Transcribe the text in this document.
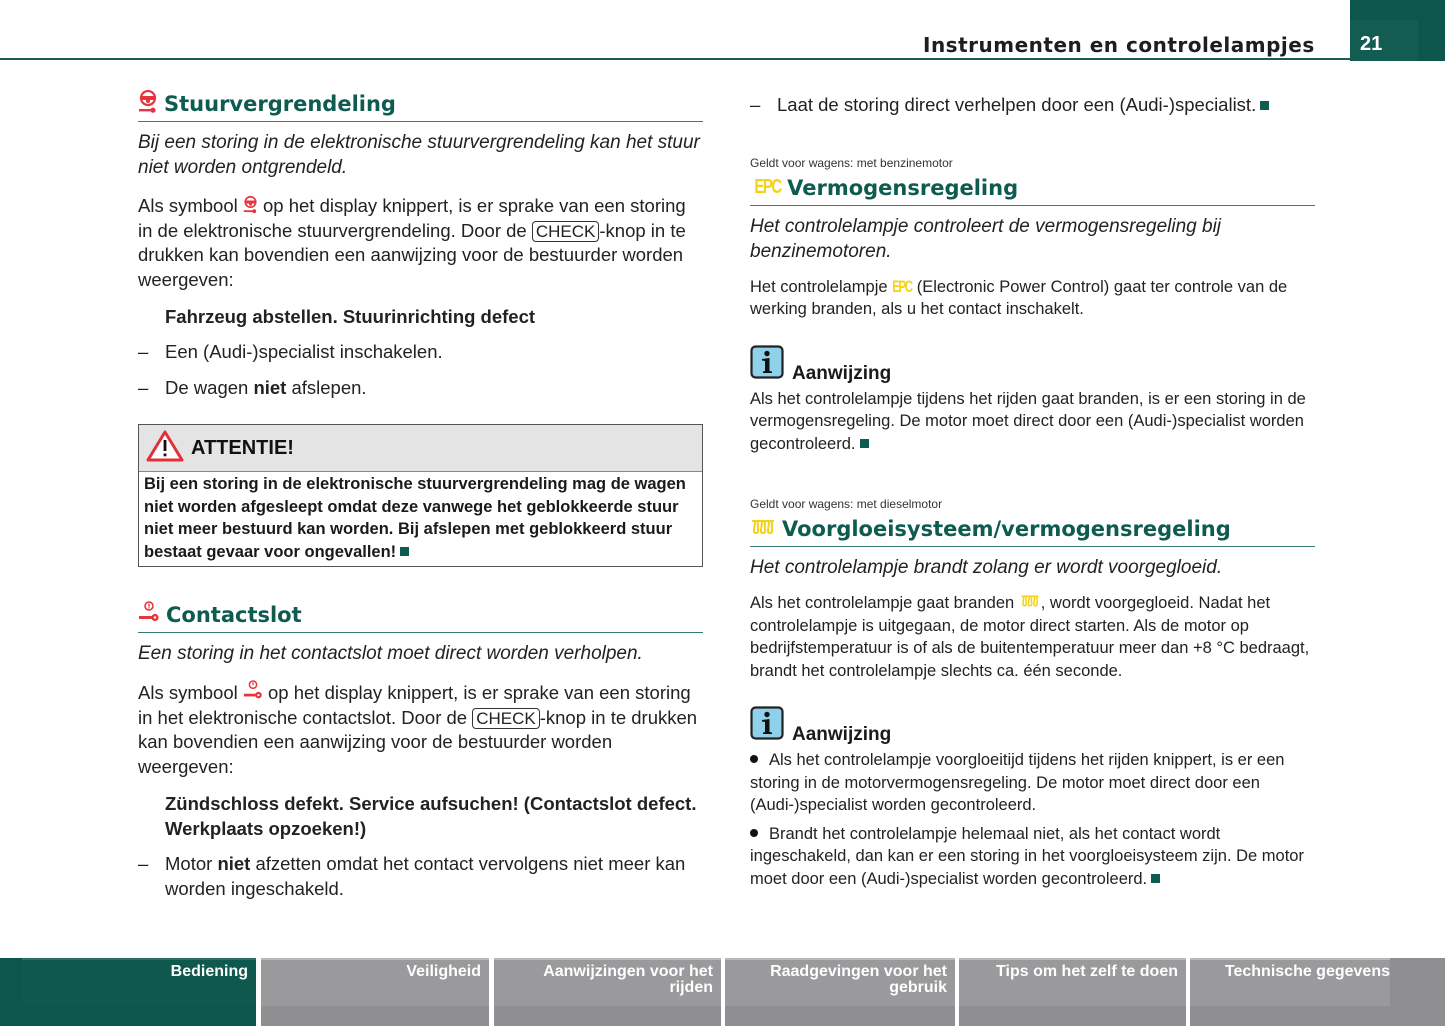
Instrumenten en controlelampjes 21
Stuurvergrendeling

Bij een storing in de elektronische stuurvergrendeling kan het stuur niet worden ontgrendeld.

Als symbool op het display knippert, is er sprake van een storing in de elektronische stuurvergrendeling. Door de CHECK -knop in te drukken kan bovendien een aanwijzing voor de bestuurder worden weergeven:

Fahrzeug abstellen. Stuurinrichting defect

– Een (Audi-)specialist inschakelen.
– De wagen niet afslepen.
ATTENTIE!

Bij een storing in de elektronische stuurvergrendeling mag de wagen niet worden afgesleept omdat deze vanwege het geblokkeerde stuur niet meer bestuurd kan worden. Bij afslepen met geblokkeerd stuur bestaat gevaar voor ongevallen!

Contactslot

Een storing in het contactslot moet direct worden verholpen.

Als symbool op het display knippert, is er sprake van een storing in het elektronische contactslot. Door de CHECK -knop in te drukken kan bovendien een aanwijzing voor de bestuurder worden weergeven:

Zündschloss defekt. Service aufsuchen! (Contactslot defect. Werkplaats opzoeken!)

– Motor niet afzetten omdat het contact vervolgens niet meer kan worden ingeschakeld.
– Laat de storing direct verhelpen door een (Audi-)specialist.
Geldt voor wagens: met benzinemotor
EPC Vermogensregeling

Het controlelampje controleert de vermogensregeling bij benzinemotoren.

Het controlelampje EPC (Electronic Power Control) gaat ter controle van de werking branden, als u het contact inschakelt.

Aanwijzing

Als het controlelampje tijdens het rijden gaat branden, is er een storing in de vermogensregeling. De motor moet direct door een (Audi-)specialist worden gecontroleerd.

Geldt voor wagens: met dieselmotor
Voorgloeisysteem/vermogensregeling

Het controlelampje brandt zolang er wordt voorgegloeid.

Als het controlelampje gaat branden , wordt voorgegloeid. Nadat het controlelampje is uitgegaan, de motor direct starten. Als de motor op bedrijfstemperatuur is of als de buitentemperatuur meer dan +8 °C bedraagt, brandt het controlelampje slechts ca. één seconde.

Aanwijzing

Als het controlelampje voorgloeitijd tijdens het rijden knippert, is er een storing in de motorvermogensregeling. De motor moet direct door een (Audi-)specialist worden gecontroleerd.

Brandt het controlelampje helemaal niet, als het contact wordt ingeschakeld, dan kan er een storing in het voorgloeisysteem zijn. De motor moet door een (Audi-)specialist worden gecontroleerd.

Bediening	Veiligheid	Aanwijzingen voor het rijden
Raadgevingen voor het gebruik
Tips om het zelf te doen	Technische gegevens
